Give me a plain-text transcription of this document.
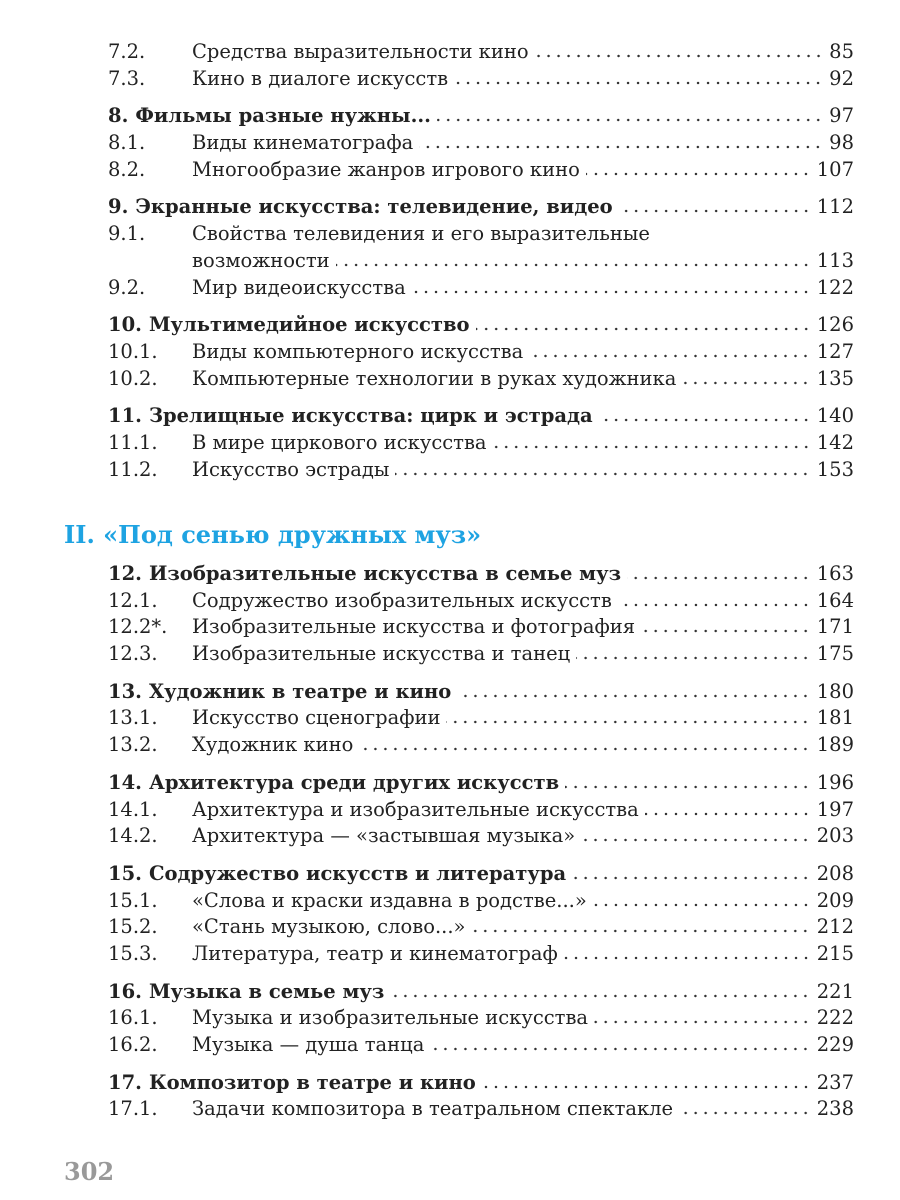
7.2.	Средства выразительности кино	85
7.3.	Кино в диалоге искусств	92
8. Фильмы разные нужны...	97
8.1.	Виды кинематографа	98
8.2.	Многообразие жанров игрового кино	107
9. Экранные искусства: телевидение, видео	112
9.1.	Свойства телевидения и его выразительные
возможности	113
9.2.	Мир видеоискусства	122
10. Мультимедийное искусство	126
10.1.	Виды компьютерного искусства	127
10.2.	Компьютерные технологии в руках художника	135
11. Зрелищные искусства: цирк и эстрада	140
11.1.	В мире циркового искусства	142
11.2.	Искусство эстрады	153
II. «Под сенью дружных муз»
12. Изобразительные искусства в семье муз	163
12.1.	Содружество изобразительных искусств	164
12.2*.	Изобразительные искусства и фотография	171
12.3.	Изобразительные искусства и танец	175
13. Художник в театре и кино	180
13.1.	Искусство сценографии	181
13.2.	Художник кино	189
14. Архитектура среди других искусств	196
14.1.	Архитектура и изобразительные искусства	197
14.2.	Архитектура — «застывшая музыка»	203
15. Содружество искусств и литература	208
15.1.	«Слова и краски издавна в родстве...»	209
15.2.	«Стань музыкою, слово...»	212
15.3.	Литература, театр и кинематограф	215
16. Музыка в семье муз	221
16.1.	Музыка и изобразительные искусства	222
16.2.	Музыка — душа танца	229
17. Композитор в театре и кино	237
17.1.	Задачи композитора в театральном спектакле	238
302
